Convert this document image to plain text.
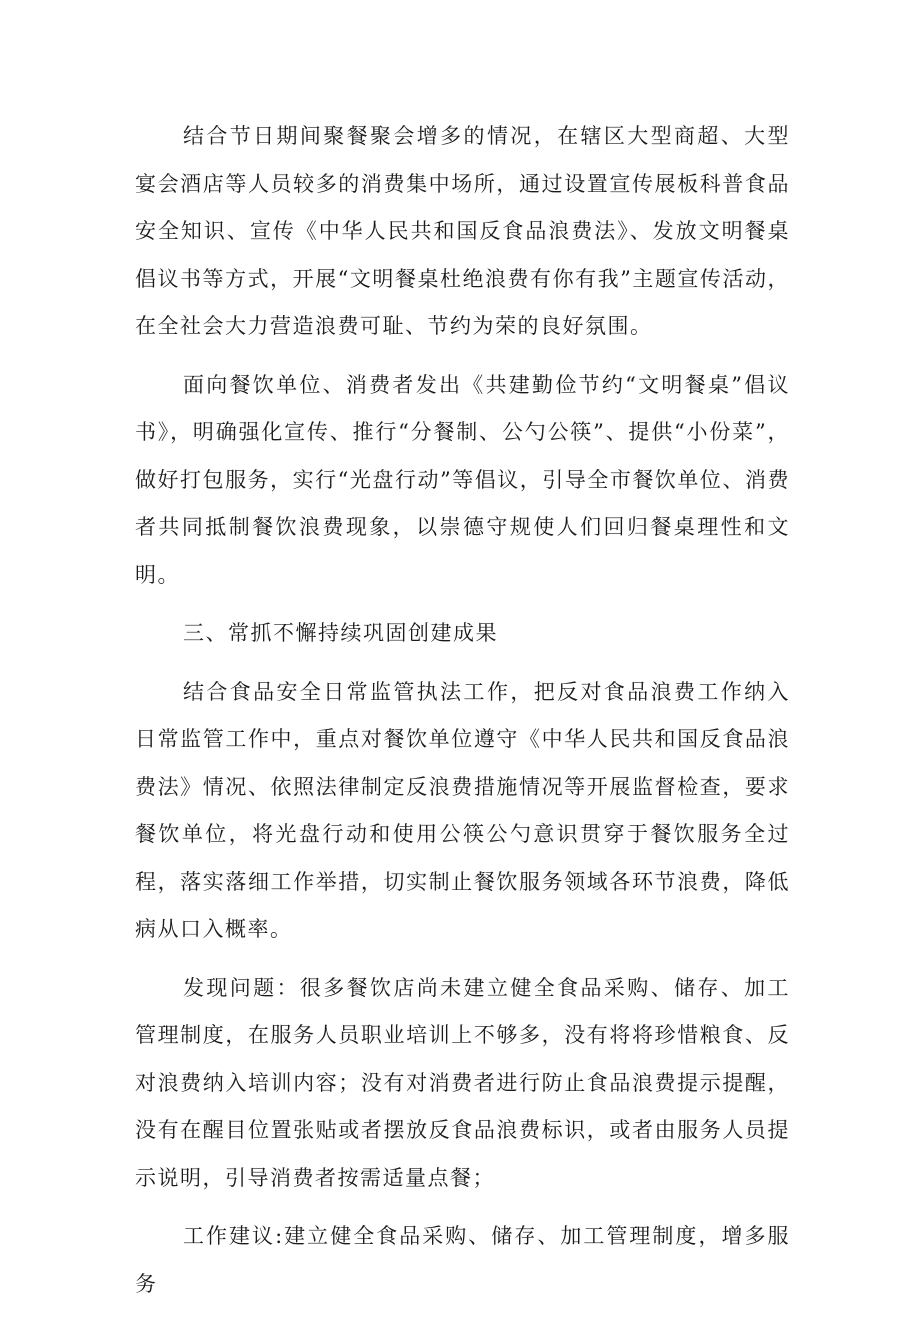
结合节日期间聚餐聚会增多的情况，在辖区大型商超、大型宴会酒店等人员较多的消费集中场所，通过设置宣传展板科普食品安全知识、宣传《中华人民共和国反食品浪费法》、发放文明餐桌倡议书等方式，开展“文明餐桌杜绝浪费有你有我”主题宣传活动，在全社会大力营造浪费可耻、节约为荣的良好氛围。

面向餐饮单位、消费者发出《共建勤俭节约“文明餐桌”倡议书》，明确强化宣传、推行“分餐制、公勺公筷”、提供“小份菜”，做好打包服务，实行“光盘行动”等倡议，引导全市餐饮单位、消费者共同抵制餐饮浪费现象，以崇德守规使人们回归餐桌理性和文明。

三、常抓不懈持续巩固创建成果

结合食品安全日常监管执法工作，把反对食品浪费工作纳入日常监管工作中，重点对餐饮单位遵守《中华人民共和国反食品浪费法》情况、依照法律制定反浪费措施情况等开展监督检查，要求餐饮单位，将光盘行动和使用公筷公勺意识贯穿于餐饮服务全过程，落实落细工作举措，切实制止餐饮服务领域各环节浪费，降低病从口入概率。

发现问题：很多餐饮店尚未建立健全食品采购、储存、加工管理制度，在服务人员职业培训上不够多，没有将将珍惜粮食、反对浪费纳入培训内容；没有对消费者进行防止食品浪费提示提醒，没有在醒目位置张贴或者摆放反食品浪费标识，或者由服务人员提示说明，引导消费者按需适量点餐；

工作建议:建立健全食品采购、储存、加工管理制度，增多服务
